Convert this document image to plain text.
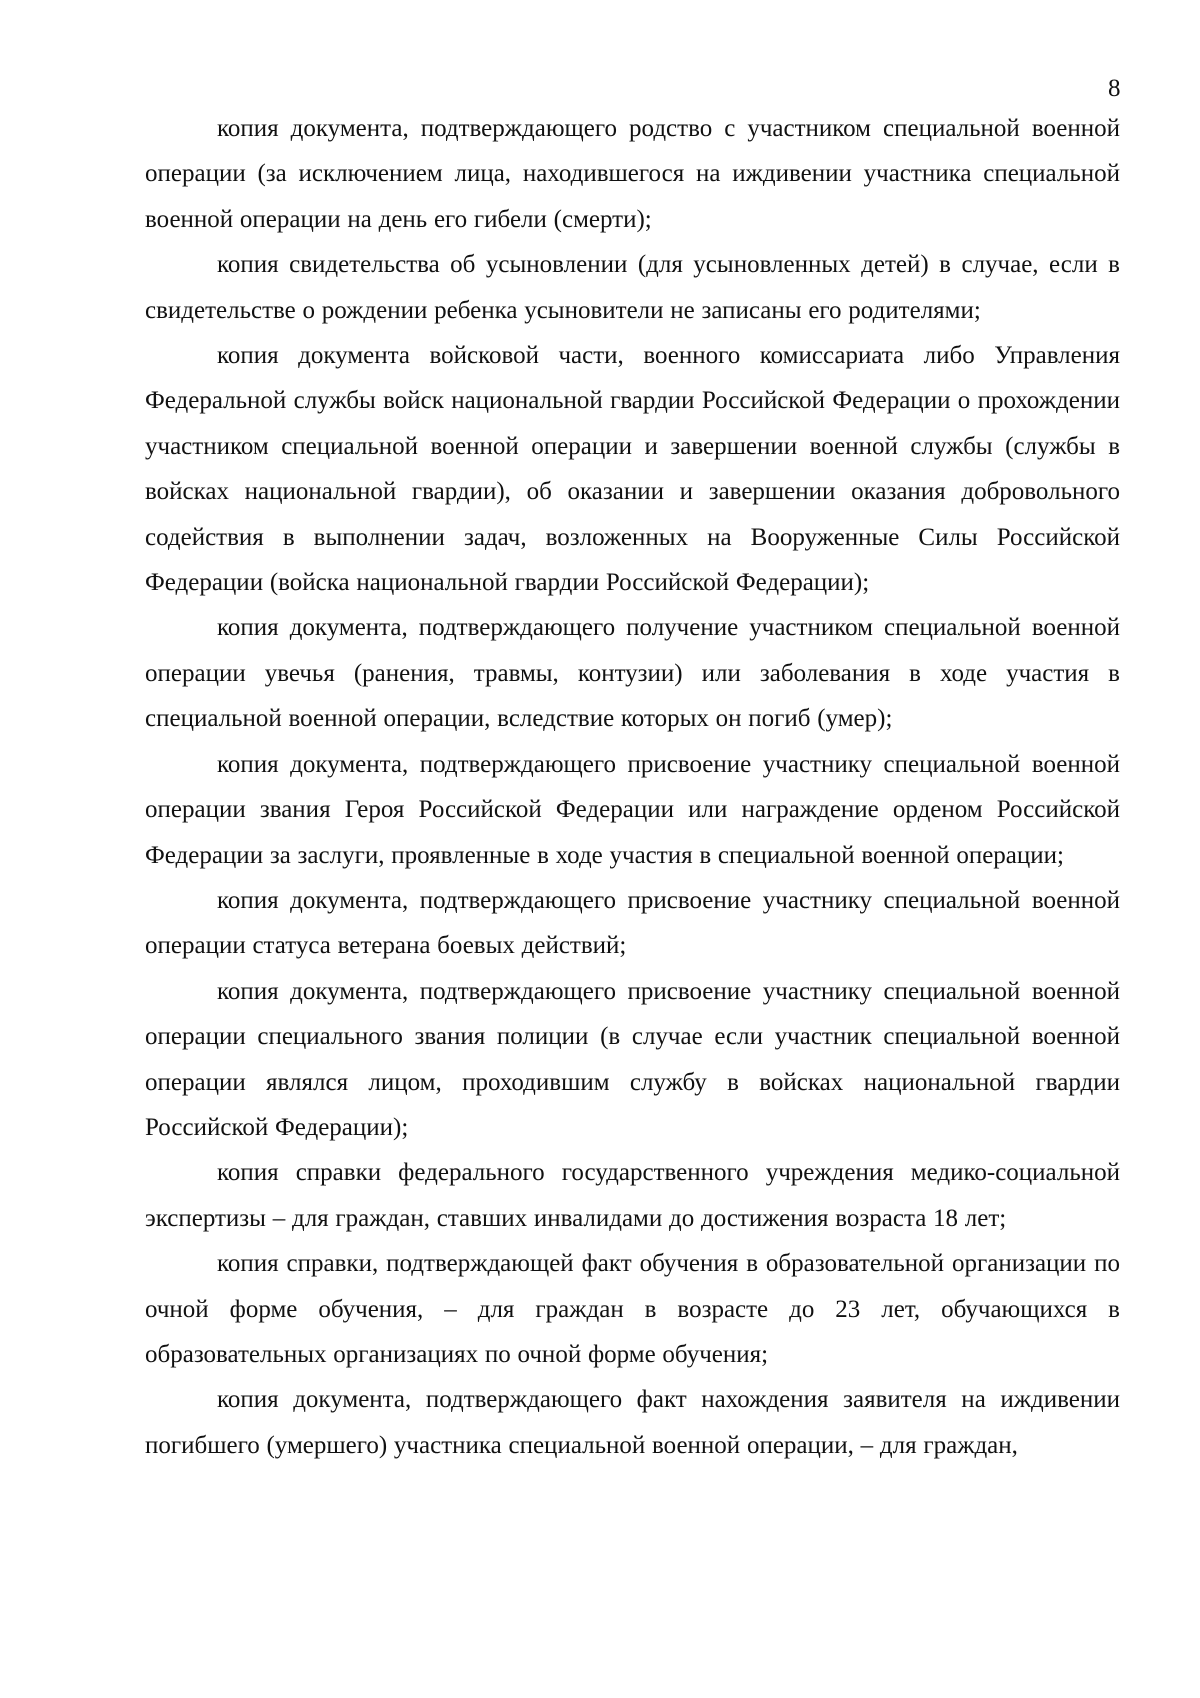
8

копия документа, подтверждающего родство с участником специальной военной операции (за исключением лица, находившегося на иждивении участника специальной военной операции на день его гибели (смерти);

копия свидетельства об усыновлении (для усыновленных детей) в случае, если в свидетельстве о рождении ребенка усыновители не записаны его родителями;

копия документа войсковой части, военного комиссариата либо Управления Федеральной службы войск национальной гвардии Российской Федерации о прохождении участником специальной военной операции и завершении военной службы (службы в войсках национальной гвардии), об оказании и завершении оказания добровольного содействия в выполнении задач, возложенных на Вооруженные Силы Российской Федерации (войска национальной гвардии Российской Федерации);

копия документа, подтверждающего получение участником специальной военной операции увечья (ранения, травмы, контузии) или заболевания в ходе участия в специальной военной операции, вследствие которых он погиб (умер);

копия документа, подтверждающего присвоение участнику специальной военной операции звания Героя Российской Федерации или награждение орденом Российской Федерации за заслуги, проявленные в ходе участия в специальной военной операции;

копия документа, подтверждающего присвоение участнику специальной военной операции статуса ветерана боевых действий;

копия документа, подтверждающего присвоение участнику специальной военной операции специального звания полиции (в случае если участник специальной военной операции являлся лицом, проходившим службу в войсках национальной гвардии Российской Федерации);

копия справки федерального государственного учреждения медико-социальной экспертизы – для граждан, ставших инвалидами до достижения возраста 18 лет;

копия справки, подтверждающей факт обучения в образовательной организации по очной форме обучения, – для граждан в возрасте до 23 лет, обучающихся в образовательных организациях по очной форме обучения;

копия документа, подтверждающего факт нахождения заявителя на иждивении погибшего (умершего) участника специальной военной операции, – для граждан,
